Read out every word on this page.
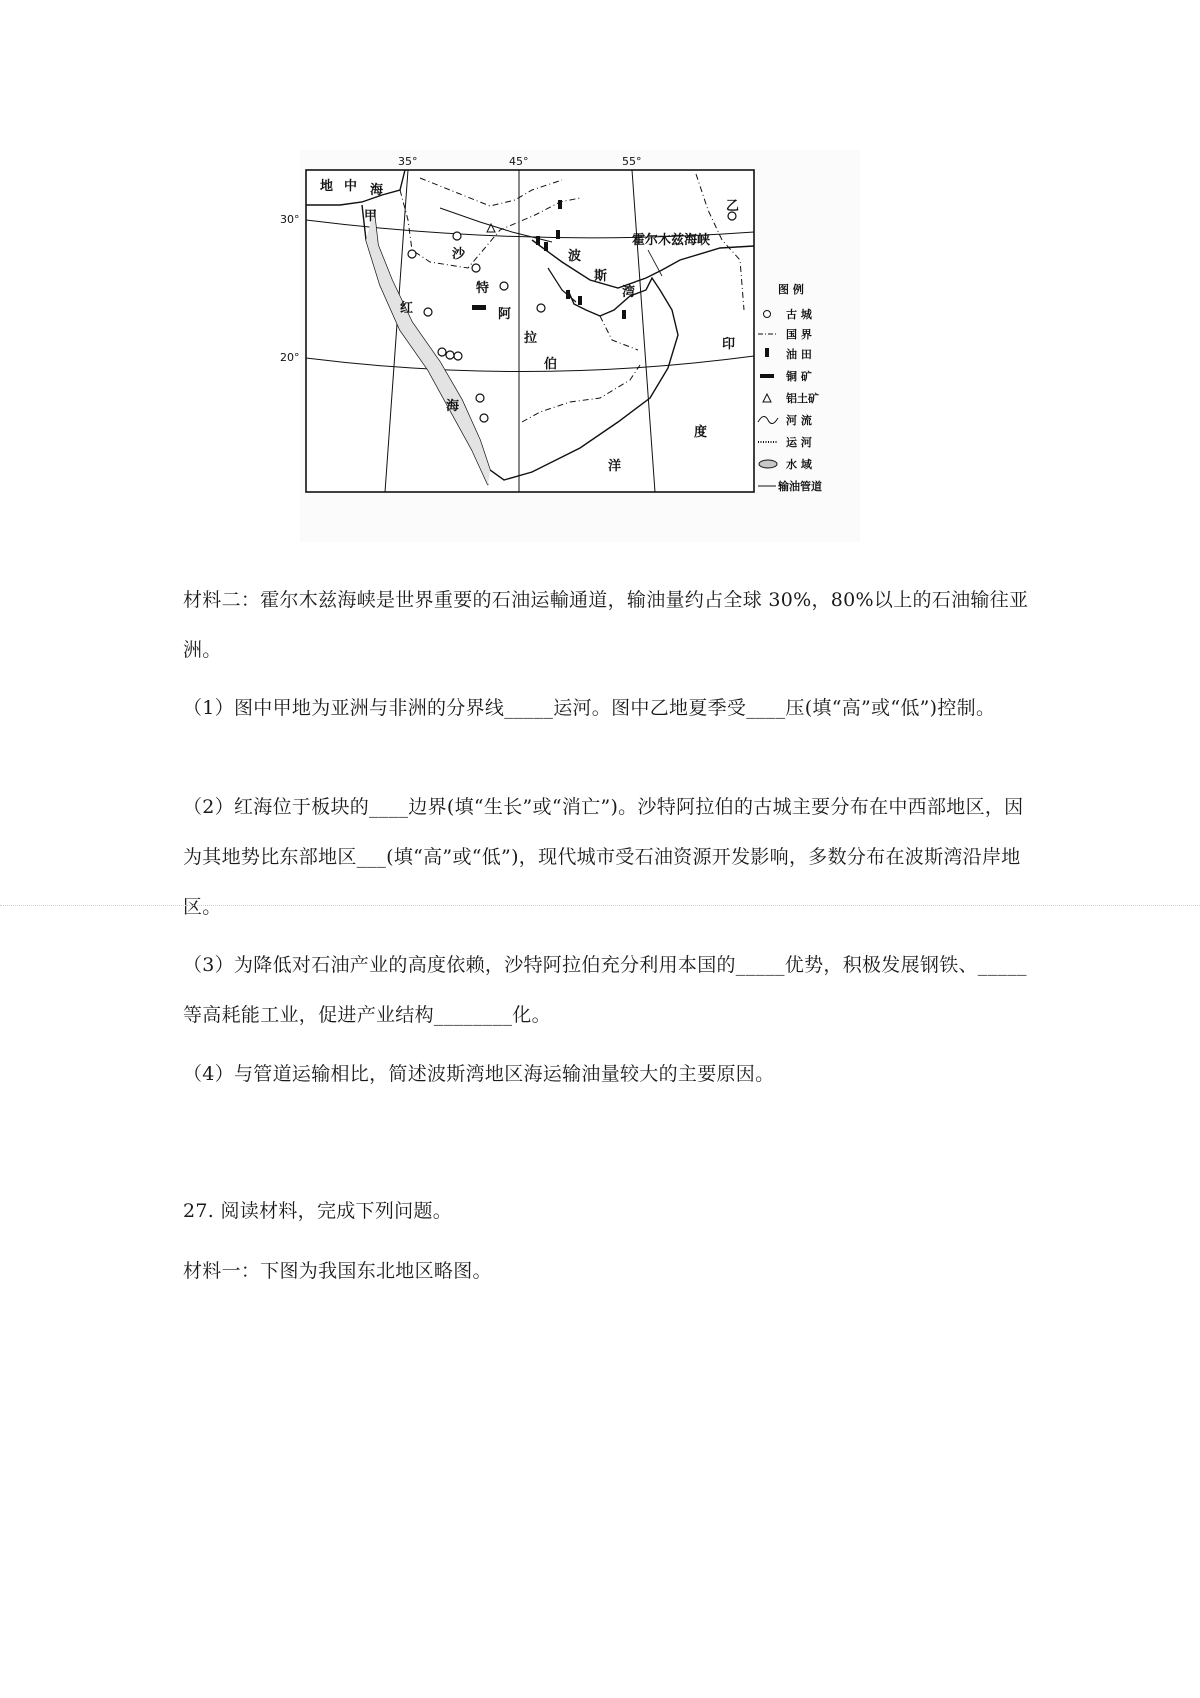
35°	45°	55°
30°
20°
地 中 海
甲
乙
霍尔木兹海峡
沙
特
阿
拉
伯
红
海
波
斯
湾
印
度
洋
图 例
古 城
国 界
油 田
铜 矿
铝土矿
河 流
运 河
水 域
输油管道
材料二：霍尔木兹海峡是世界重要的石油运輸通道，输油量约占全球 30%，80%以上的石油输往亚洲。
（1）图中甲地为亚洲与非洲的分界线_____运河。图中乙地夏季受____压(填“高”或“低”)控制。
（2）红海位于板块的____边界(填“生长”或“消亡”)。沙特阿拉伯的古城主要分布在中西部地区，因为其地势比东部地区___(填“高”或“低”)，现代城市受石油资源开发影响，多数分布在波斯湾沿岸地区。
（3）为降低对石油产业的高度依赖，沙特阿拉伯充分利用本国的_____优势，积极发展钢铁、_____等高耗能工业，促进产业结构________化。
（4）与管道运输相比，简述波斯湾地区海运输油量较大的主要原因。
27. 阅读材料，完成下列问题。
材料一：下图为我国东北地区略图。
